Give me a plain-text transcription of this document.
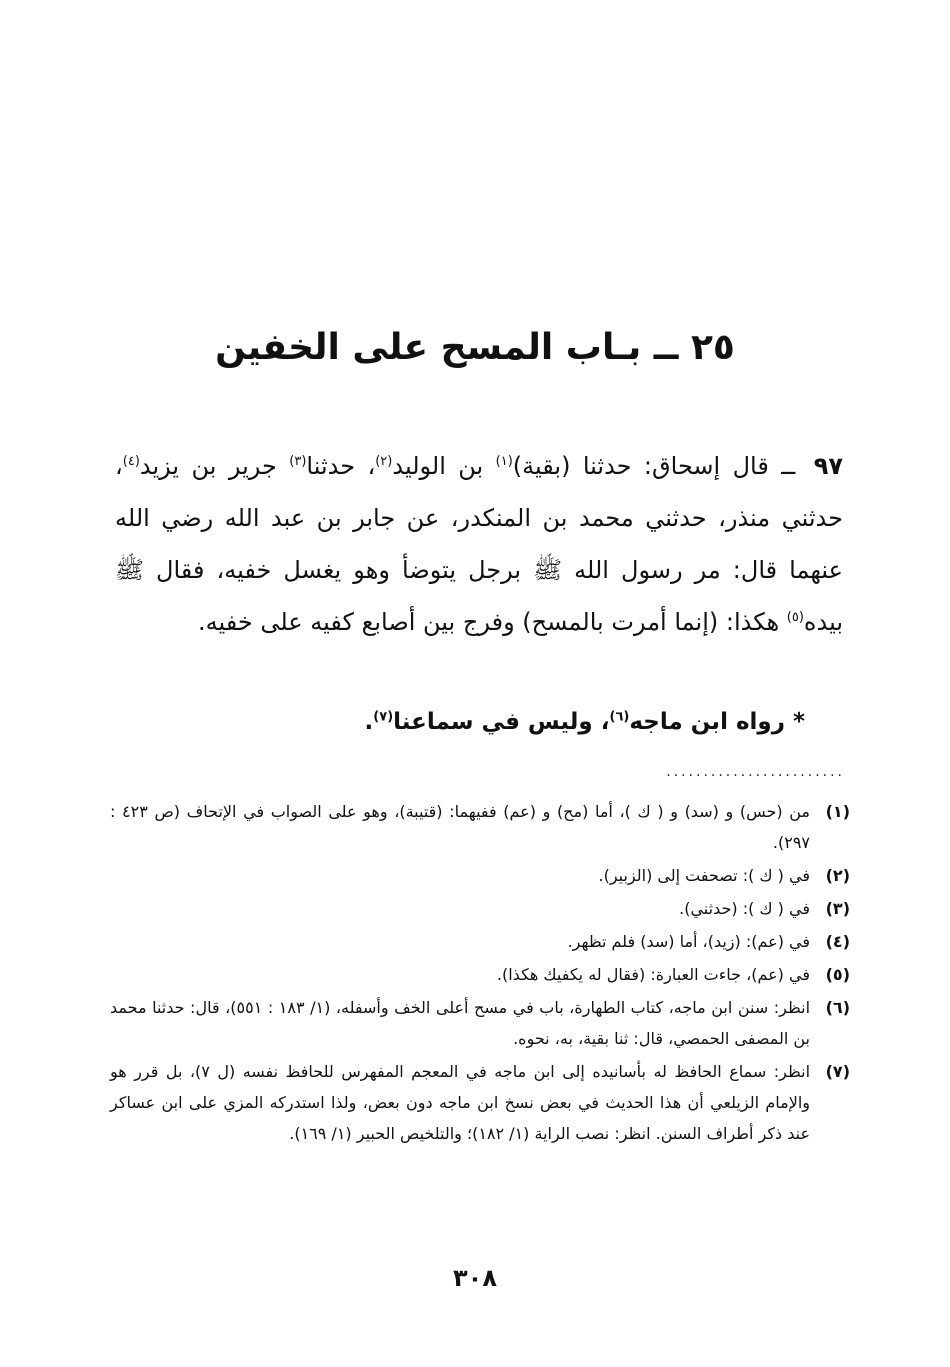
٢٥ ــ بـاب المسح على الخفين

٩٧ ــ قال إسحاق: حدثنا (بقية)$^{(١)}$ بن الوليد$^{(٢)}$، حدثنا$^{(٣)}$ جرير بن يزيد$^{(٤)}$، حدثني منذر، حدثني محمد بن المنكدر، عن جابر بن عبد الله رضي الله عنهما قال: مر رسول الله ﷺ برجل يتوضأ وهو يغسل خفيه، فقال ﷺ بيده$^{(٥)}$ هكذا: (إنما أمرت بالمسح) وفرج بين أصابع كفيه على خفيه.

* رواه ابن ماجه$^{(٦)}$، وليس في سماعنا$^{(٧)}$.

........................
(١)
من (حس) و (سد) و ( ك )، أما (مح) و (عم) ففيهما: (قتيبة)، وهو على الصواب في الإتحاف (ص ٤٢٣ : ٢٩٧).
(٢)
في ( ك ): تصحفت إلى (الزبير).
(٣)
في ( ك ): (حدثني).
(٤)
في (عم): (زيد)، أما (سد) فلم تظهر.
(٥)
في (عم)، جاءت العبارة: (فقال له يكفيك هكذا).
(٦)
انظر: سنن ابن ماجه، كتاب الطهارة، باب في مسح أعلى الخف وأسفله، (١/ ١٨٣ : ٥٥١)، قال: حدثنا محمد بن المصفى الحمصي، قال: ثنا بقية، به، نحوه.
(٧)
انظر: سماع الحافظ له بأسانيده إلى ابن ماجه في المعجم المفهرس للحافظ نفسه (ل ٧)، بل قرر هو والإمام الزيلعي أن هذا الحديث في بعض نسخ ابن ماجه دون بعض، ولذا استدركه المزي على ابن عساكر عند ذكر أطراف السنن. انظر: نصب الراية (١/ ١٨٢)؛ والتلخيص الحبير (١/ ١٦٩).
٣٠٨
